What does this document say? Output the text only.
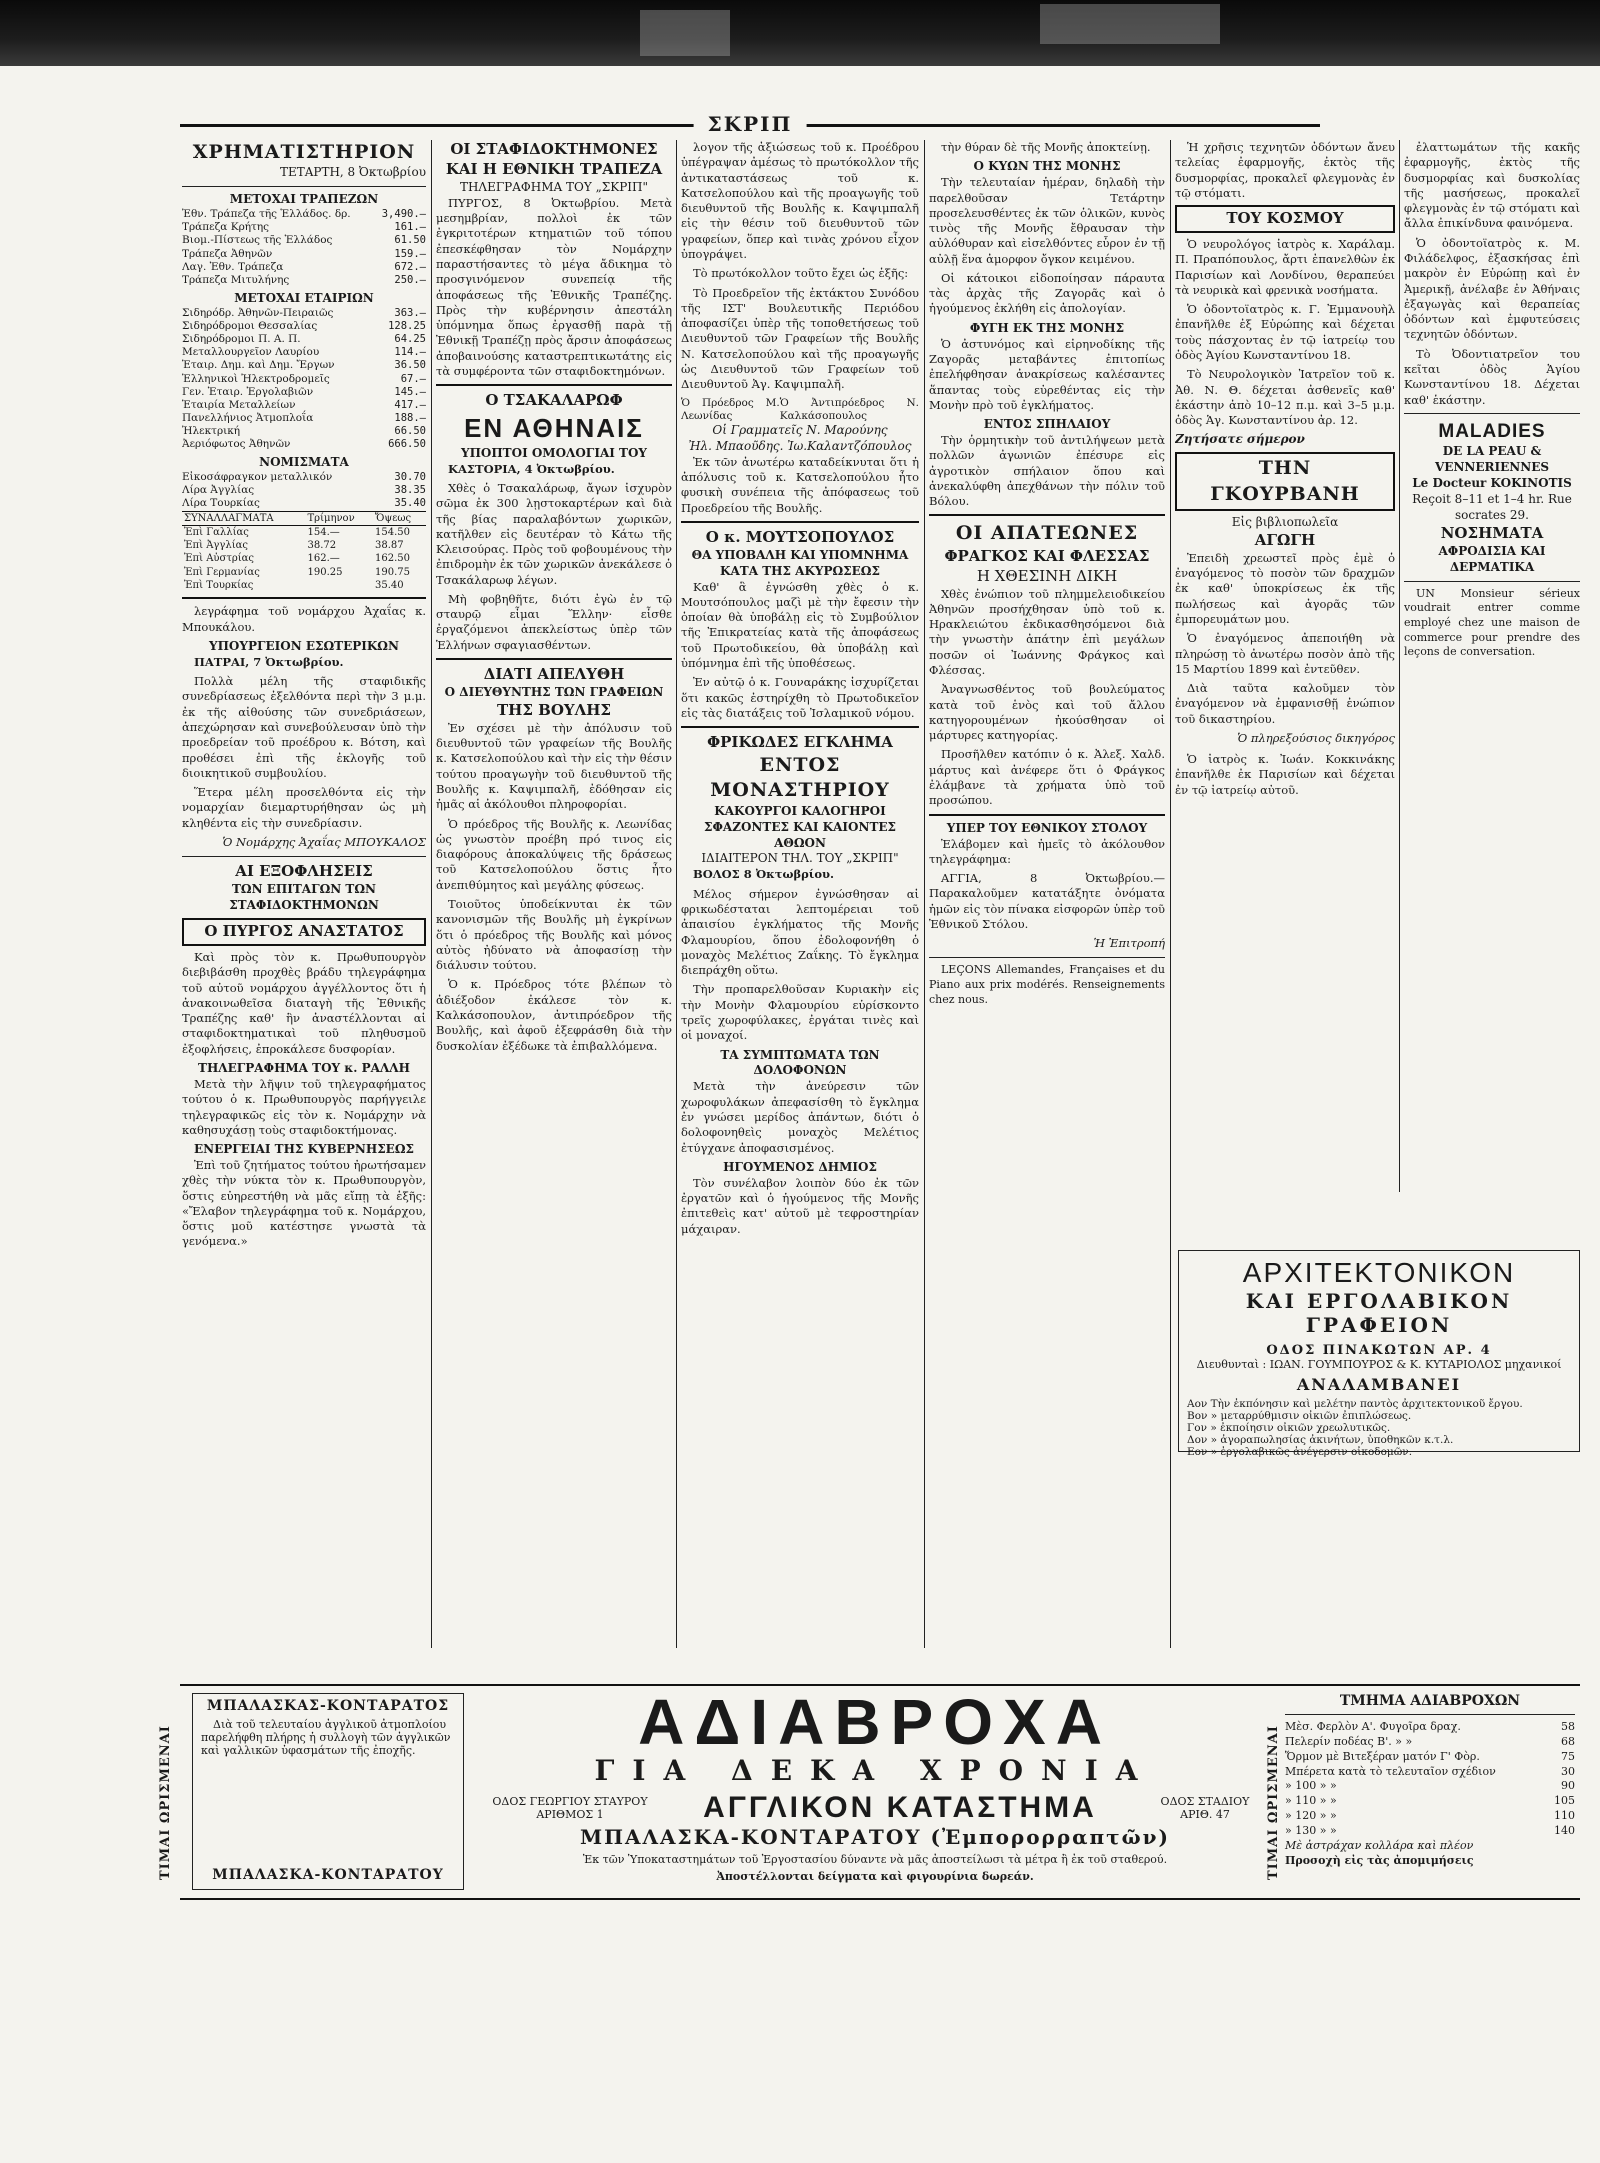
ΣΚΡΙΠ
ΧΡΗΜΑΤΙΣΤΗΡΙΟΝ
ΤΕΤΑΡΤΗ, 8 Ὀκτωβρίου
ΜΕΤΟΧΑΙ ΤΡΑΠΕΖΩΝ
Ἐθν. Τράπεζα τῆς Ἑλλάδος. δρ.	3,490.—
Τράπεζα Κρήτης	161.—
Βιομ.-Πίστεως τῆς Ἑλλάδος	61.50
Τράπεζα Ἀθηνῶν	159.—
Λαγ. Ἐθν. Τράπεζα	672.—
Τράπεζα Μιτυλήνης	250.—
ΜΕΤΟΧΑΙ ΕΤΑΙΡΙΩΝ
Σιδηρόδρ. Ἀθηνῶν-Πειραιῶς	363.—
Σιδηρόδρομοι Θεσσαλίας	128.25
Σιδηρόδρομοι Π. Α. Π.	64.25
Μεταλλουργεῖον Λαυρίου	114.—
Ἑταιρ. Δημ. καὶ Δημ. Ἔργων	36.50
Ἑλληνικοὶ Ἠλεκτροδρομεῖς	67.—
Γεν. Ἑταιρ. Ἐργολαβιῶν	145.—
Ἑταιρία Μεταλλείων	417.—
Πανελλήνιος Ἀτμοπλοΐα	188.—
Ἠλεκτρική	66.50
Ἀεριόφωτος Ἀθηνῶν	666.50
ΝΟΜΙΣΜΑΤΑ
Εἰκοσάφραγκον μεταλλικόν	30.70
Λίρα Ἀγγλίας	38.35
Λίρα Τουρκίας	35.40
ΣΥΝΑΛΛΑΓΜΑΤΑ	Τρίμηνον	Ὄψεως
Ἐπὶ Γαλλίας	154.—	154.50
Ἐπὶ Ἀγγλίας	38.72	38.87
Ἐπὶ Αὐστρίας	162.—	162.50
Ἐπὶ Γερμανίας	190.25	190.75
Ἐπὶ Τουρκίας		35.40

λεγράφημα τοῦ νομάρχου Ἀχαΐας κ. Μπουκάλου.

ΥΠΟΥΡΓΕΙΟΝ ΕΣΩΤΕΡΙΚΩΝ

ΠΑΤΡΑΙ, 7 Ὀκτωβρίου.

Πολλὰ μέλη τῆς σταφιδικῆς συνεδρίασεως ἐξελθόντα περὶ τὴν 3 μ.μ. ἐκ τῆς αἰθούσης τῶν συνεδριάσεων, ἀπεχώρησαν καὶ συνεβούλευσαν ὑπὸ τὴν προεδρείαν τοῦ προέδρου κ. Βότση, καὶ προθέσει ἐπὶ τῆς ἐκλογῆς τοῦ διοικητικοῦ συμβουλίου.

Ἕτερα μέλη προσελθόντα εἰς τὴν νομαρχίαν διεμαρτυρήθησαν ὡς μὴ κληθέντα εἰς τὴν συνεδρίασιν.

Ὁ Νομάρχης Ἀχαΐας ΜΠΟΥΚΑΛΟΣ
ΑΙ ΕΞΟΦΛΗΣΕΙΣ
ΤΩΝ ΕΠΙΤΑΓΩΝ ΤΩΝ ΣΤΑΦΙΔΟΚΤΗΜΟΝΩΝ
Ο ΠΥΡΓΟΣ ΑΝΑΣΤΑΤΟΣ

Καὶ πρὸς τὸν κ. Πρωθυπουργὸν διεβιβάσθη προχθὲς βράδυ τηλεγράφημα τοῦ αὐτοῦ νομάρχου ἀγγέλλοντος ὅτι ἡ ἀνακοινωθεῖσα διαταγὴ τῆς Ἐθνικῆς Τραπέζης καθ' ἣν ἀναστέλλονται αἱ σταφιδοκτηματικαὶ τοῦ πληθυσμοῦ ἐξοφλήσεις, ἐπροκάλεσε δυσφορίαν.

ΤΗΛΕΓΡΑΦΗΜΑ ΤΟΥ κ. ΡΑΛΛΗ

Μετὰ τὴν λῆψιν τοῦ τηλεγραφήματος τούτου ὁ κ. Πρωθυπουργὸς παρήγγειλε τηλεγραφικῶς εἰς τὸν κ. Νομάρχην νὰ καθησυχάσῃ τοὺς σταφιδοκτήμονας.

ΕΝΕΡΓΕΙΑΙ ΤΗΣ ΚΥΒΕΡΝΗΣΕΩΣ

Ἐπὶ τοῦ ζητήματος τούτου ἠρωτήσαμεν χθὲς τὴν νύκτα τὸν κ. Πρωθυπουργὸν, ὅστις εὐηρεστήθη νὰ μᾶς εἴπῃ τὰ ἑξῆς: «Ἔλαβον τηλεγράφημα τοῦ κ. Νομάρχου, ὅστις μοῦ κατέστησε γνωστὰ τὰ γενόμενα.»

ΟΙ ΣΤΑΦΙΔΟΚΤΗΜΟΝΕΣ
ΚΑΙ Η ΕΘΝΙΚΗ ΤΡΑΠΕΖΑ
ΤΗΛΕΓΡΑΦΗΜΑ ΤΟΥ „ΣΚΡΙΠ"

ΠΥΡΓΟΣ, 8 Ὀκτωβρίου. Μετὰ μεσημβρίαν, πολλοὶ ἐκ τῶν ἐγκριτοτέρων κτηματιῶν τοῦ τόπου ἐπεσκέφθησαν τὸν Νομάρχην παραστήσαντες τὸ μέγα ἄδικημα τὸ προσγινόμενον συνεπείᾳ τῆς ἀποφάσεως τῆς Ἐθνικῆς Τραπέζης. Πρὸς τὴν κυβέρνησιν ἀπεστάλη ὑπόμνημα ὅπως ἐργασθῇ παρὰ τῇ Ἐθνικῇ Τραπέζῃ πρὸς ἄρσιν ἀποφάσεως ἀποβαινούσης καταστρεπτικωτάτης εἰς τὰ συμφέροντα τῶν σταφιδοκτημόνων.

Ο ΤΣΑΚΑΛΑΡΩΦ
ΕΝ ΑΘΗΝΑΙΣ
ΥΠΟΠΤΟΙ ΟΜΟΛΟΓΙΑΙ ΤΟΥ

ΚΑΣΤΟΡΙΑ, 4 Ὀκτωβρίου.

Χθὲς ὁ Τσακαλάρωφ, ἄγων ἰσχυρὸν σῶμα ἐκ 300 λῃστοκαρτέρων καὶ διὰ τῆς βίας παραλαβόντων χωρικῶν, κατῆλθεν εἰς δευτέραν τὸ Κάτω τῆς Κλεισούρας. Πρὸς τοῦ φοβουμένους τὴν ἐπιδρομὴν ἐκ τῶν χωρικῶν ἀνεκάλεσε ὁ Τσακάλαρωφ λέγων.

Μὴ φοβηθῆτε, διότι ἐγὼ ἐν τῷ σταυρῷ εἶμαι Ἕλλην· εἶσθε ἐργαζόμενοι ἀπεκλείστως ὑπὲρ τῶν Ἑλλήνων σφαγιασθέντων.

ΔΙΑΤΙ ΑΠΕΛΥΘΗ
Ο ΔΙΕΥΘΥΝΤΗΣ ΤΩΝ ΓΡΑΦΕΙΩΝ
ΤΗΣ ΒΟΥΛΗΣ

Ἐν σχέσει μὲ τὴν ἀπόλυσιν τοῦ διευθυντοῦ τῶν γραφείων τῆς Βουλῆς κ. Κατσελοπούλου καὶ τὴν εἰς τὴν θέσιν τούτου προαγωγὴν τοῦ διευθυντοῦ τῆς Βουλῆς κ. Καψιμπαλῆ, ἐδόθησαν εἰς ἡμᾶς αἱ ἀκόλουθοι πληροφορίαι.

Ὁ πρόεδρος τῆς Βουλῆς κ. Λεωνίδας ὡς γνωστὸν προέβη πρό τινος εἰς διαφόρους ἀποκαλύψεις τῆς δράσεως τοῦ Κατσελοπούλου ὅστις ἦτο ἀνεπιθύμητος καὶ μεγάλης φύσεως.

Τοιοῦτος ὑποδείκνυται ἐκ τῶν κανονισμῶν τῆς Βουλῆς μὴ ἐγκρίνων ὅτι ὁ πρόεδρος τῆς Βουλῆς καὶ μόνος αὐτὸς ἠδύνατο νὰ ἀποφασίσῃ τὴν διάλυσιν τούτου.

Ὁ κ. Πρόεδρος τότε βλέπων τὸ ἀδιέξοδον ἐκάλεσε τὸν κ. Καλκάσοπουλον, ἀντιπρόεδρον τῆς Βουλῆς, καὶ ἀφοῦ ἐξεφράσθη διὰ τὴν δυσκολίαν ἐξέδωκε τὰ ἐπιβαλλόμενα.

λογον τῆς ἀξιώσεως τοῦ κ. Προέδρου ὑπέγραψαν ἀμέσως τὸ πρωτόκολλον τῆς ἀντικαταστάσεως τοῦ κ. Κατσελοπούλου καὶ τῆς προαγωγῆς τοῦ διευθυντοῦ τῆς Βουλῆς κ. Καψιμπαλῆ εἰς τὴν θέσιν τοῦ διευθυντοῦ τῶν γραφείων, ὅπερ καὶ τινὰς χρόνου εἶχον ὑπογράψει.

Τὸ πρωτόκολλον τοῦτο ἔχει ὡς ἑξῆς:

Τὸ Προεδρεῖον τῆς ἐκτάκτου Συνόδου τῆς ΙΣΤ' Βουλευτικῆς Περιόδου ἀποφασίζει ὑπὲρ τῆς τοποθετήσεως τοῦ Διευθυντοῦ τῶν Γραφείων τῆς Βουλῆς Ν. Κατσελοπούλου καὶ τῆς προαγωγῆς ὡς Διευθυντοῦ τῶν Γραφείων τοῦ Διευθυντοῦ Ἀγ. Καψιμπαλῆ.

Ὁ Πρόεδρος Μ. Λεωνίδας
Ὁ Ἀντιπρόεδρος Ν. Καλκάσοπουλος
Οἱ Γραμματεῖς Ν. Μαρούνης
Ἠλ. Μπαοῦδης. Ἰω.Καλαντζόπουλος

Ἐκ τῶν ἀνωτέρω καταδείκνυται ὅτι ἡ ἀπόλυσις τοῦ κ. Κατσελοπούλου ἦτο φυσικὴ συνέπεια τῆς ἀπόφασεως τοῦ Προεδρείου τῆς Βουλῆς.

Ο κ. ΜΟΥΤΣΟΠΟΥΛΟΣ
ΘΑ ΥΠΟΒΑΛΗ ΚΑΙ ΥΠΟΜΝΗΜΑ
ΚΑΤΑ ΤΗΣ ΑΚΥΡΩΣΕΩΣ

Καθ' ἃ ἐγνώσθη χθὲς ὁ κ. Μουτσόπουλος μαζὶ μὲ τὴν ἔφεσιν τὴν ὁποίαν θὰ ὑποβάλῃ εἰς τὸ Συμβούλιον τῆς Ἐπικρατείας κατὰ τῆς ἀποφάσεως τοῦ Πρωτοδικείου, θὰ ὑποβάλῃ καὶ ὑπόμνημα ἐπὶ τῆς ὑποθέσεως.

Ἐν αὐτῷ ὁ κ. Γουναράκης ἰσχυρίζεται ὅτι κακῶς ἐστηρίχθη τὸ Πρωτοδικεῖον εἰς τὰς διατάξεις τοῦ Ἰσλαμικοῦ νόμου.

ΦΡΙΚΩΔΕΣ ΕΓΚΛΗΜΑ
ΕΝΤΟΣ ΜΟΝΑΣΤΗΡΙΟΥ
ΚΑΚΟΥΡΓΟΙ ΚΑΛΟΓΗΡΟΙ
ΣΦΑΖΟΝΤΕΣ ΚΑΙ ΚΑΙΟΝΤΕΣ ΑΘΩΟΝ
ΙΔΙΑΙΤΕΡΟΝ ΤΗΛ. ΤΟΥ „ΣΚΡΙΠ"

ΒΟΛΟΣ 8 Ὀκτωβρίου.

Μέλος σήμερον ἐγνώσθησαν αἱ φρικωδέσταται λεπτομέρειαι τοῦ ἀπαισίου ἐγκλήματος τῆς Μονῆς Φλαμουρίου, ὅπου ἐδολοφονήθη ὁ μοναχὸς Μελέτιος Ζαΐκης. Τὸ ἔγκλημα διεπράχθη οὕτω.

Τὴν προπαρελθοῦσαν Κυριακὴν εἰς τὴν Μονὴν Φλαμουρίου εὑρίσκοντο τρεῖς χωροφύλακες, ἐργάται τινὲς καὶ οἱ μοναχοί.

ΤΑ ΣΥΜΠΤΩΜΑΤΑ ΤΩΝ ΔΟΛΟΦΟΝΩΝ

Μετὰ τὴν ἀνεύρεσιν τῶν χωροφυλάκων ἀπεφασίσθη τὸ ἔγκλημα ἐν γνώσει μερίδος ἀπάντων, διότι ὁ δολοφονηθεὶς μοναχὸς Μελέτιος ἐτύγχανε ἀποφασισμένος.

ΗΓΟΥΜΕΝΟΣ ΔΗΜΙΟΣ

Τὸν συνέλαβον λοιπὸν δύο ἐκ τῶν ἐργατῶν καὶ ὁ ἡγούμενος τῆς Μονῆς ἐπιτεθεὶς κατ' αὐτοῦ μὲ τεφροστηρίαν μάχαιραν.

τὴν θύραν δὲ τῆς Μονῆς ἀποκτείνῃ.

Ο ΚΥΩΝ ΤΗΣ ΜΟΝΗΣ

Τὴν τελευταίαν ἡμέραν, δηλαδὴ τὴν παρελθοῦσαν Τετάρτην προσελευσθέντες ἐκ τῶν ὁλικῶν, κυνὸς τινὸς τῆς Μονῆς ἔθραυσαν τὴν αὐλόθυραν καὶ εἰσελθόντες εὗρον ἐν τῇ αὐλῇ ἕνα ἀμορφον ὄγκον κειμένου.

Οἱ κάτοικοι εἰδοποίησαν πάραυτα τὰς ἀρχὰς τῆς Ζαγορᾶς καὶ ὁ ἡγούμενος ἐκλήθη εἰς ἀπολογίαν.

ΦΥΓΗ ΕΚ ΤΗΣ ΜΟΝΗΣ

Ὁ ἀστυνόμος καὶ εἰρηνοδίκης τῆς Ζαγορᾶς μεταβάντες ἐπιτοπίως ἐπελήφθησαν ἀνακρίσεως καλέσαντες ἅπαντας τοὺς εὑρεθέντας εἰς τὴν Μονὴν πρὸ τοῦ ἐγκλήματος.

ΕΝΤΟΣ ΣΠΗΛΑΙΟΥ

Τὴν ὁρμητικὴν τοῦ ἀντιλήψεων μετὰ πολλῶν ἀγωνιῶν ἐπέσυρε εἰς ἀγροτικὸν σπήλαιον ὅπου καὶ ἀνεκαλύφθη ἀπεχθάνων τὴν πόλιν τοῦ Βόλου.

ΟΙ ΑΠΑΤΕΩΝΕΣ
ΦΡΑΓΚΟΣ ΚΑΙ ΦΛΕΣΣΑΣ
Η ΧΘΕΣΙΝΗ ΔΙΚΗ

Χθὲς ἐνώπιον τοῦ πλημμελειοδικείου Ἀθηνῶν προσήχθησαν ὑπὸ τοῦ κ. Ηρακλειώτου ἐκδικασθησόμενοι διὰ τὴν γνωστὴν ἀπάτην ἐπὶ μεγάλων ποσῶν οἱ Ἰωάννης Φράγκος καὶ Φλέσσας.

Ἀναγνωσθέντος τοῦ βουλεύματος κατὰ τοῦ ἑνὸς καὶ τοῦ ἄλλου κατηγορουμένων ἠκούσθησαν οἱ μάρτυρες κατηγορίας.

Προσῆλθεν κατόπιν ὁ κ. Ἀλεξ. Χαλδ. μάρτυς καὶ ἀνέφερε ὅτι ὁ Φράγκος ἐλάμβανε τὰ χρήματα ὑπὸ τοῦ προσώπου.

ΥΠΕΡ ΤΟΥ ΕΘΝΙΚΟΥ ΣΤΟΛΟΥ

Ἐλάβομεν καὶ ἡμεῖς τὸ ἀκόλουθον τηλεγράφημα:

ΑΓΓΙΑ, 8 Ὀκτωβρίου.— Παρακαλοῦμεν κατατάξητε ὀνόματα ἡμῶν εἰς τὸν πίνακα εἰσφορῶν ὑπὲρ τοῦ Ἐθνικοῦ Στόλου.

Ἡ Ἐπιτροπή

LEÇONS Allemandes, Françaises et du Piano aux prix modérés. Renseignements chez nous.

Ἡ χρῆσις τεχνητῶν ὀδόντων ἄνευ τελείας ἐφαρμογῆς, ἐκτὸς τῆς δυσμορφίας, προκαλεῖ φλεγμονὰς ἐν τῷ στόματι.

ΤΟΥ ΚΟΣΜΟΥ

Ὁ νευρολόγος ἰατρὸς κ. Χαράλαμ. Π. Πραπόπουλος, ἄρτι ἐπανελθὼν ἐκ Παρισίων καὶ Λονδίνου, θεραπεύει τὰ νευρικὰ καὶ φρενικὰ νοσήματα.

Ὁ ὀδοντοϊατρὸς κ. Γ. Ἐμμανουὴλ ἐπανῆλθε ἐξ Εὐρώπης καὶ δέχεται τοὺς πάσχοντας ἐν τῷ ἰατρείῳ του ὁδὸς Ἁγίου Κωνσταντίνου 18.

Τὸ Νευρολογικὸν Ἰατρεῖον τοῦ κ. Ἀθ. Ν. Θ. δέχεται ἀσθενεῖς καθ' ἑκάστην ἀπὸ 10–12 π.μ. καὶ 3–5 μ.μ. ὁδὸς Ἁγ. Κωνσταντίνου ἀρ. 12.

Ζητήσατε σήμερον
ΤΗΝ ΓΚΟΥΡΒΑΝΗ
Εἰς βιβλιοπωλεῖα
ΑΓΩΓΗ

Ἐπειδὴ χρεωστεῖ πρὸς ἐμὲ ὁ ἐναγόμενος τὸ ποσὸν τῶν δραχμῶν ἐκ καθ' ὑποκρίσεως ἐκ τῆς πωλήσεως καὶ ἀγορᾶς τῶν ἐμπορευμάτων μου.

Ὁ ἐναγόμενος ἀπεποιήθη νὰ πληρώσῃ τὸ ἀνωτέρω ποσὸν ἀπὸ τῆς 15 Μαρτίου 1899 καὶ ἐντεῦθεν.

Διὰ ταῦτα καλοῦμεν τὸν ἐναγόμενον νὰ ἐμφανισθῇ ἐνώπιον τοῦ δικαστηρίου.

Ὁ πληρεξούσιος δικηγόρος

Ὁ ἰατρὸς κ. Ἰωάν. Κοκκινάκης ἐπανῆλθε ἐκ Παρισίων καὶ δέχεται ἐν τῷ ἰατρείῳ αὐτοῦ.

ἐλαττωμάτων τῆς κακῆς ἐφαρμογῆς, ἐκτὸς τῆς δυσμορφίας καὶ δυσκολίας τῆς μασήσεως, προκαλεῖ φλεγμονὰς ἐν τῷ στόματι καὶ ἄλλα ἐπικίνδυνα φαινόμενα.

Ὁ ὀδοντοϊατρὸς κ. Μ. Φιλάδελφος, ἐξασκήσας ἐπὶ μακρὸν ἐν Εὐρώπῃ καὶ ἐν Ἀμερικῇ, ἀνέλαβε ἐν Ἀθήναις ἐξαγωγὰς καὶ θεραπείας ὀδόντων καὶ ἐμφυτεύσεις τεχνητῶν ὀδόντων.

Τὸ Ὀδοντιατρεῖον του κεῖται ὁδὸς Ἁγίου Κωνσταντίνου 18. Δέχεται καθ' ἑκάστην.

MALADIES
DE LA PEAU & VENNERIENNES
Le Docteur KOKINOTIS
Reçoit 8–11 et 1–4 hr. Rue socrates 29.
ΝΟΣΗΜΑΤΑ
ΑΦΡΟΔΙΣΙΑ ΚΑΙ ΔΕΡΜΑΤΙΚΑ

UN Monsieur sérieux voudrait entrer comme employé chez une maison de commerce pour prendre des leçons de conversation.

ΑΡΧΙΤΕΚΤΟΝΙΚΟΝ
ΚΑΙ ΕΡΓΟΛΑΒΙΚΟΝ ΓΡΑΦΕΙΟΝ
ΟΔΟΣ ΠΙΝΑΚΩΤΩΝ ΑΡ. 4
Διευθυνταὶ : ΙΩΑΝ. ΓΟΥΜΠΟΥΡΟΣ & Κ. ΚΥΤΑΡΙΟΛΟΣ μηχανικοί
ΑΝΑΛΑΜΒΑΝΕΙ
Αον Τὴν ἐκπόνησιν καὶ μελέτην παντὸς ἀρχιτεκτονικοῦ ἔργου.
Βον » μεταρρύθμισιν οἰκιῶν ἐπιπλώσεως.
Γον » ἐκποίησιν οἰκιῶν χρεωλυτικῶς.
Δον » ἀγοραπωλησίας ἀκινήτων, ὑποθηκῶν κ.τ.λ.
Εον » ἐργολαβικῶς ἀνέγερσιν οἰκοδομῶν.
ΤΙΜΑΙ ΩΡΙΣΜΕΝΑΙ
ΜΠΑΛΑΣΚΑΣ-ΚΟΝΤΑΡΑΤΟΣ

Διὰ τοῦ τελευταίου ἀγγλικοῦ ἀτμοπλοίου παρελήφθη πλήρης ἡ συλλογὴ τῶν ἀγγλικῶν καὶ γαλλικῶν ὑφασμάτων τῆς ἐποχῆς.

ΜΠΑΛΑΣΚΑ-ΚΟΝΤΑΡΑΤΟΥ
ΑΔΙΑΒΡΟΧΑ
ΓΙΑ ΔΕΚΑ ΧΡΟΝΙΑ
ΟΔΟΣ ΓΕΩΡΓΙΟΥ ΣΤΑΥΡΟΥ ΑΡΙΘΜΟΣ 1	ΑΓΓΛΙΚΟΝ ΚΑΤΑΣΤΗΜΑ	ΟΔΟΣ ΣΤΑΔΙΟΥ ΑΡΙΘ. 47
ΜΠΑΛΑΣΚΑ-ΚΟΝΤΑΡΑΤΟΥ (Ἐμπορορραπτῶν)
Ἐκ τῶν Ὑποκαταστημάτων τοῦ Ἐργοστασίου δύναντε νὰ μᾶς ἀποστείλωσι τὰ μέτρα ἢ ἐκ τοῦ σταθερού.
Ἀποστέλλονται δείγματα καὶ φιγουρίνια δωρεάν.	ΤΙΜΑΙ ΩΡΙΣΜΕΝΑΙ
ΤΜΗΜΑ ΑΔΙΑΒΡΟΧΩΝ
Μὲσ. Φερλὸν Α'. Φυγοῖρα δραχ.	58
Πελερίν ποδέας Β'. » »	68
Ὅρμον μὲ Βιτεξέραν ματόν Γ' Φὸρ.	75
Μπέρετα κατὰ τὸ τελευταῖον σχέδιον	30
» 100 » »	90
» 110 » »	105
» 120 » »	110
» 130 » »	140
Μὲ ἀστράχαν κολλάρα καὶ πλέον
Προσοχὴ εἰς τὰς ἀπομιμήσεις
